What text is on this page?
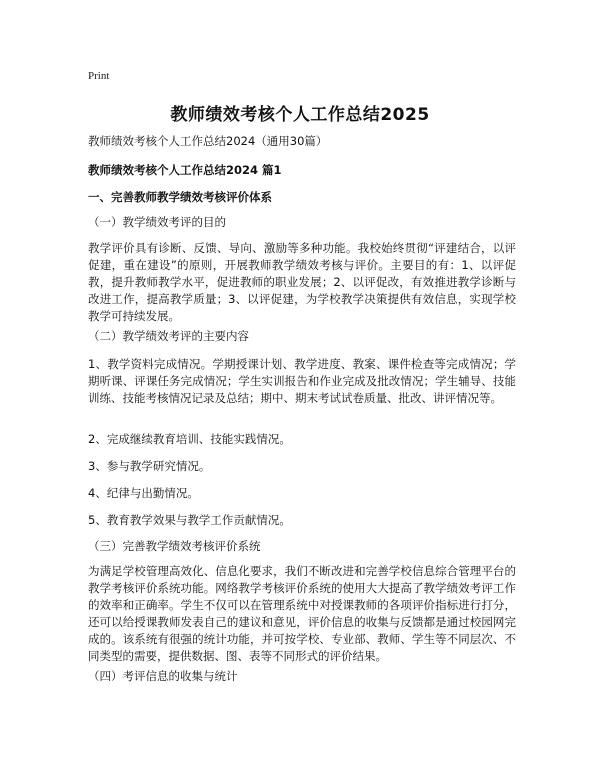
Print
教师绩效考核个人工作总结2025
教师绩效考核个人工作总结2024（通用30篇）
教师绩效考核个人工作总结2024 篇1
一、完善教师教学绩效考核评价体系
（一）教学绩效考评的目的
教学评价具有诊断、反馈、导向、激励等多种功能。我校始终贯彻“评建结合，以评促建，重在建设”的原则，开展教师教学绩效考核与评价。主要目的有：1、以评促教，提升教师教学水平，促进教师的职业发展；2、以评促改，有效推进教学诊断与改进工作，提高教学质量；3、以评促建，为学校教学决策提供有效信息，实现学校教学可持续发展。
（二）教学绩效考评的主要内容
1、教学资料完成情况。学期授课计划、教学进度、教案、课件检查等完成情况；学期听课、评课任务完成情况；学生实训报告和作业完成及批改情况；学生辅导、技能训练、技能考核情况记录及总结；期中、期末考试试卷质量、批改、讲评情况等。
2、完成继续教育培训、技能实践情况。
3、参与教学研究情况。
4、纪律与出勤情况。
5、教育教学效果与教学工作贡献情况。
（三）完善教学绩效考核评价系统
为满足学校管理高效化、信息化要求，我们不断改进和完善学校信息综合管理平台的教学考核评价系统功能。网络教学考核评价系统的使用大大提高了教学绩效考评工作的效率和正确率。学生不仅可以在管理系统中对授课教师的各项评价指标进行打分，还可以给授课教师发表自己的建议和意见，评价信息的收集与反馈都是通过校园网完成的。该系统有很强的统计功能，并可按学校、专业部、教师、学生等不同层次、不同类型的需要，提供数据、图、表等不同形式的评价结果。
（四）考评信息的收集与统计
